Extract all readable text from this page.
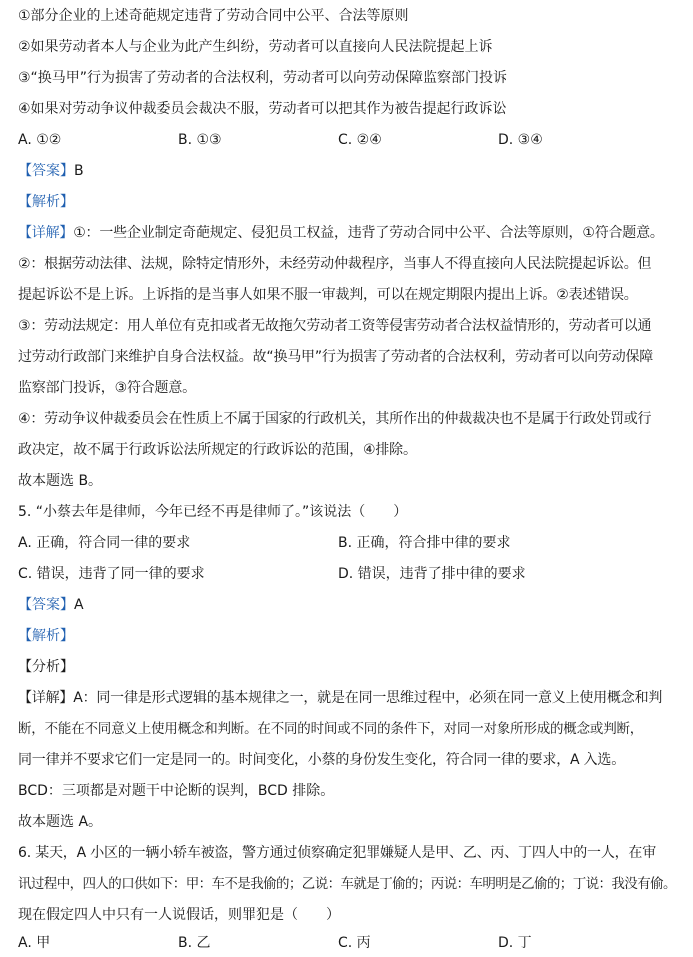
①部分企业的上述奇葩规定违背了劳动合同中公平、合法等原则
②如果劳动者本人与企业为此产生纠纷，劳动者可以直接向人民法院提起上诉
③“换马甲”行为损害了劳动者的合法权利，劳动者可以向劳动保障监察部门投诉
④如果对劳动争议仲裁委员会裁决不服，劳动者可以把其作为被告提起行政诉讼
A. ①②	B. ①③	C. ②④	D. ③④
【答案】B
【解析】
【详解】①：一些企业制定奇葩规定、侵犯员工权益，违背了劳动合同中公平、合法等原则，①符合题意。
②：根据劳动法律、法规，除特定情形外，未经劳动仲裁程序，当事人不得直接向人民法院提起诉讼。但
提起诉讼不是上诉。上诉指的是当事人如果不服一审裁判，可以在规定期限内提出上诉。②表述错误。
③：劳动法规定：用人单位有克扣或者无故拖欠劳动者工资等侵害劳动者合法权益情形的，劳动者可以通
过劳动行政部门来维护自身合法权益。故“换马甲”行为损害了劳动者的合法权利，劳动者可以向劳动保障
监察部门投诉，③符合题意。
④：劳动争议仲裁委员会在性质上不属于国家的行政机关，其所作出的仲裁裁决也不是属于行政处罚或行
政决定，故不属于行政诉讼法所规定的行政诉讼的范围，④排除。
故本题选 B。
5. “小蔡去年是律师，今年已经不再是律师了。”该说法（　　）
A. 正确，符合同一律的要求	B. 正确，符合排中律的要求
C. 错误，违背了同一律的要求	D. 错误，违背了排中律的要求
【答案】A
【解析】
【分析】
【详解】A：同一律是形式逻辑的基本规律之一，就是在同一思维过程中，必须在同一意义上使用概念和判
断，不能在不同意义上使用概念和判断。在不同的时间或不同的条件下，对同一对象所形成的概念或判断，
同一律并不要求它们一定是同一的。时间变化，小蔡的身份发生变化，符合同一律的要求，A 入选。
BCD：三项都是对题干中论断的误判，BCD 排除。
故本题选 A。
6. 某天，A 小区的一辆小轿车被盗，警方通过侦察确定犯罪嫌疑人是甲、乙、丙、丁四人中的一人，在审
讯过程中，四人的口供如下：甲：车不是我偷的；乙说：车就是丁偷的；丙说：车明明是乙偷的；丁说：我没有偷。
现在假定四人中只有一人说假话，则罪犯是（　　）
A. 甲	B. 乙	C. 丙	D. 丁
